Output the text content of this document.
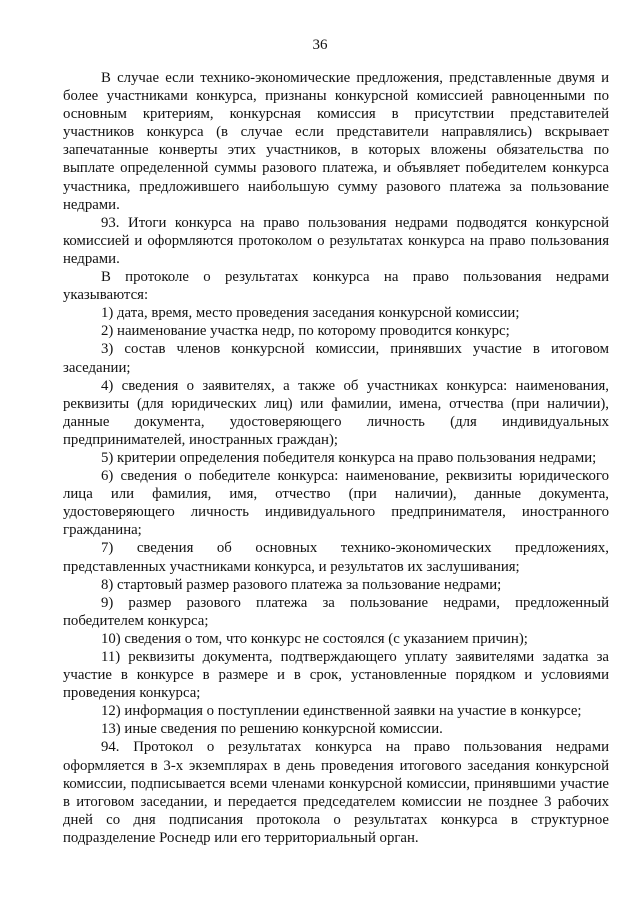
36

В случае если технико-экономические предложения, представленные двумя и более участниками конкурса, признаны конкурсной комиссией равноценными по основным критериям, конкурсная комиссия в присутствии представителей участников конкурса (в случае если представители направлялись) вскрывает запечатанные конверты этих участников, в которых вложены обязательства по выплате определенной суммы разового платежа, и объявляет победителем конкурса участника, предложившего наибольшую сумму разового платежа за пользование недрами.

93. Итоги конкурса на право пользования недрами подводятся конкурсной комиссией и оформляются протоколом о результатах конкурса на право пользования недрами.

В протоколе о результатах конкурса на право пользования недрами указываются:

1) дата, время, место проведения заседания конкурсной комиссии;

2) наименование участка недр, по которому проводится конкурс;

3) состав членов конкурсной комиссии, принявших участие в итоговом заседании;

4) сведения о заявителях, а также об участниках конкурса: наименования, реквизиты (для юридических лиц) или фамилии, имена, отчества (при наличии), данные документа, удостоверяющего личность (для индивидуальных предпринимателей, иностранных граждан);

5) критерии определения победителя конкурса на право пользования недрами;

6) сведения о победителе конкурса: наименование, реквизиты юридического лица или фамилия, имя, отчество (при наличии), данные документа, удостоверяющего личность индивидуального предпринимателя, иностранного гражданина;

7) сведения об основных технико-экономических предложениях, представленных участниками конкурса, и результатов их заслушивания;

8) стартовый размер разового платежа за пользование недрами;

9) размер разового платежа за пользование недрами, предложенный победителем конкурса;

10) сведения о том, что конкурс не состоялся (с указанием причин);

11) реквизиты документа, подтверждающего уплату заявителями задатка за участие в конкурсе в размере и в срок, установленные порядком и условиями проведения конкурса;

12) информация о поступлении единственной заявки на участие в конкурсе;

13) иные сведения по решению конкурсной комиссии.

94. Протокол о результатах конкурса на право пользования недрами оформляется в 3-х экземплярах в день проведения итогового заседания конкурсной комиссии, подписывается всеми членами конкурсной комиссии, принявшими участие в итоговом заседании, и передается председателем комиссии не позднее 3 рабочих дней со дня подписания протокола о результатах конкурса в структурное подразделение Роснедр или его территориальный орган.
